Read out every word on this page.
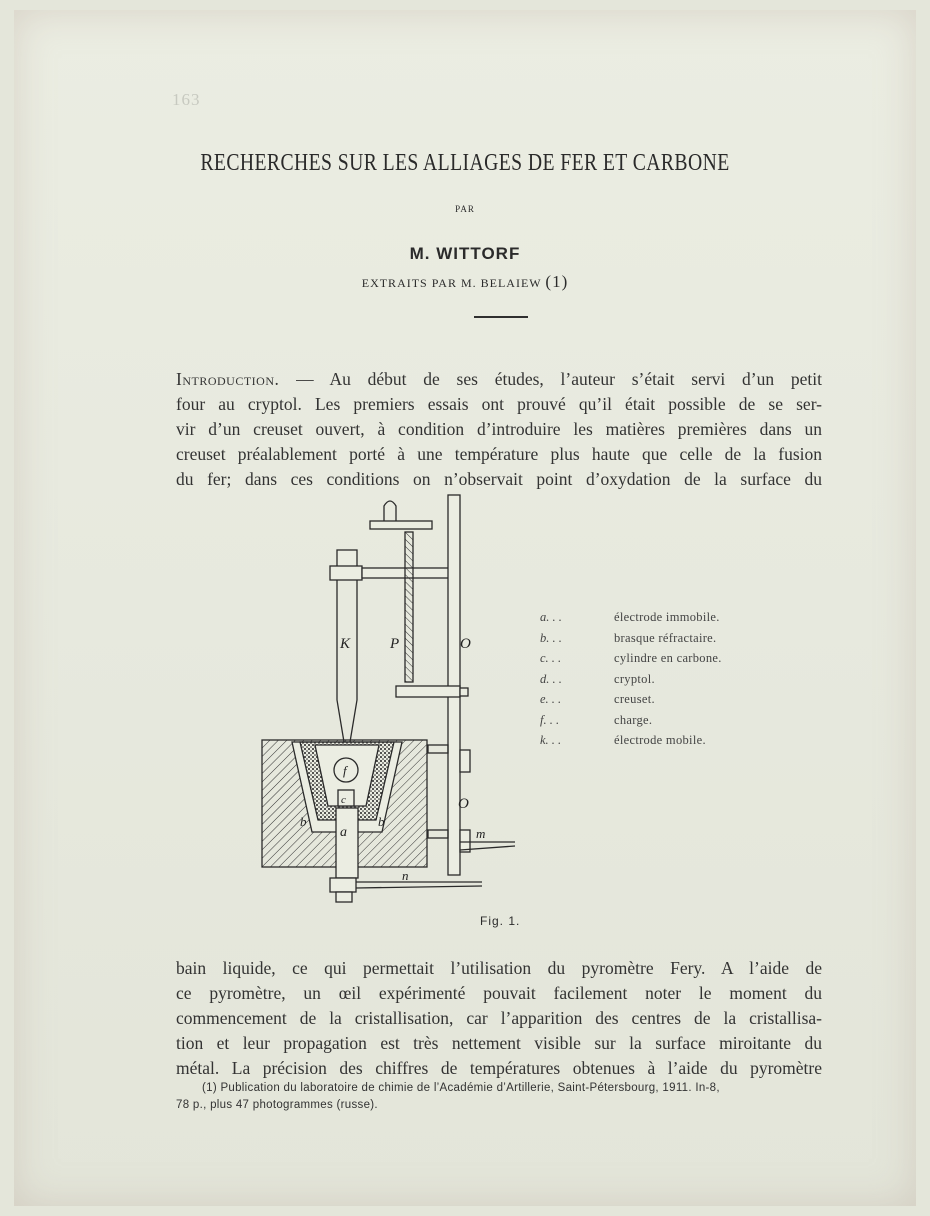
163
RECHERCHES SUR LES ALLIAGES DE FER ET CARBONE
PAR
M. WITTORF
EXTRAITS PAR M. BELAIEW (1)
Introduction. — Au début de ses études, l’auteur s’était servi d’un petit
four au cryptol. Les premiers essais ont prouvé qu’il était possible de se ser-
vir d’un creuset ouvert, à condition d’introduire les matières premières dans un
creuset préalablement porté à une température plus haute que celle de la fusion
du fer; dans ces conditions on n’observait point d’oxydation de la surface du
K	P	O
O
f
c
b	b
a	m
n
a. . .	électrode immobile.
b. . .	brasque réfractaire.
c. . .	cylindre en carbone.
d. . .	cryptol.
e. . .	creuset.
f. . .	charge.
k. . .	électrode mobile.
Fig. 1.
bain liquide, ce qui permettait l’utilisation du pyromètre Fery. A l’aide de
ce pyromètre, un œil expérimenté pouvait facilement noter le moment du
commencement de la cristallisation, car l’apparition des centres de la cristallisa-
tion et leur propagation est très nettement visible sur la surface miroitante du
métal. La précision des chiffres de températures obtenues à l’aide du pyromètre
(1) Publication du laboratoire de chimie de l’Académie d’Artillerie, Saint-Pétersbourg, 1911. In-8,
78 p., plus 47 photogrammes (russe).
